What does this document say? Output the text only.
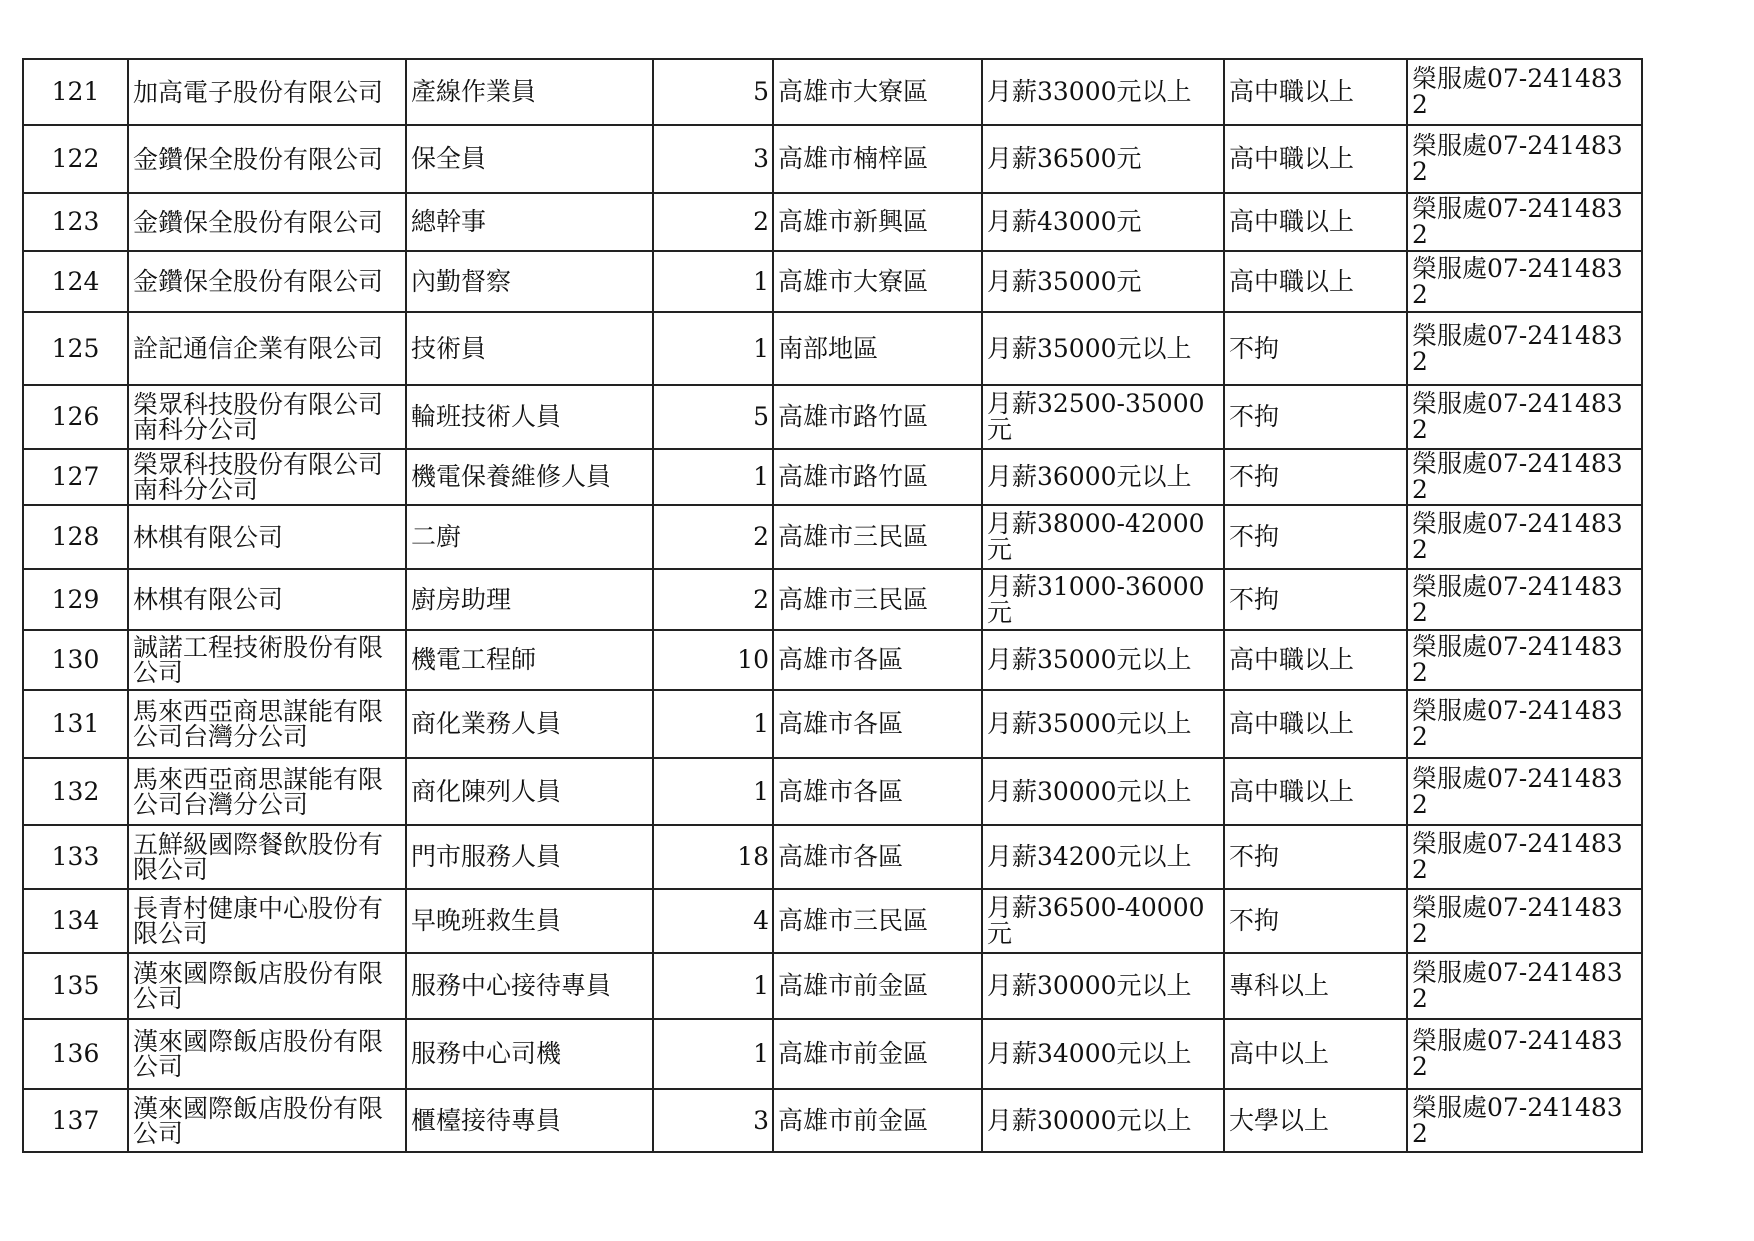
121	加高電子股份有限公司	產線作業員	5	高雄市大寮區	月薪33000元以上	高中職以上	榮服處07-2414832
122	金鑽保全股份有限公司	保全員	3	高雄市楠梓區	月薪36500元	高中職以上	榮服處07-2414832
123	金鑽保全股份有限公司	總幹事	2	高雄市新興區	月薪43000元	高中職以上	榮服處07-2414832
124	金鑽保全股份有限公司	內勤督察	1	高雄市大寮區	月薪35000元	高中職以上	榮服處07-2414832
125	詮記通信企業有限公司	技術員	1	南部地區	月薪35000元以上	不拘	榮服處07-2414832
126	榮眾科技股份有限公司南科分公司	輪班技術人員	5	高雄市路竹區	月薪32500-35000元	不拘	榮服處07-2414832
127	榮眾科技股份有限公司南科分公司	機電保養維修人員	1	高雄市路竹區	月薪36000元以上	不拘	榮服處07-2414832
128	林棋有限公司	二廚	2	高雄市三民區	月薪38000-42000元	不拘	榮服處07-2414832
129	林棋有限公司	廚房助理	2	高雄市三民區	月薪31000-36000元	不拘	榮服處07-2414832
130	誠諾工程技術股份有限公司	機電工程師	10	高雄市各區	月薪35000元以上	高中職以上	榮服處07-2414832
131	馬來西亞商思謀能有限公司台灣分公司	商化業務人員	1	高雄市各區	月薪35000元以上	高中職以上	榮服處07-2414832
132	馬來西亞商思謀能有限公司台灣分公司	商化陳列人員	1	高雄市各區	月薪30000元以上	高中職以上	榮服處07-2414832
133	五鮮級國際餐飲股份有限公司	門市服務人員	18	高雄市各區	月薪34200元以上	不拘	榮服處07-2414832
134	長青村健康中心股份有限公司	早晚班救生員	4	高雄市三民區	月薪36500-40000元	不拘	榮服處07-2414832
135	漢來國際飯店股份有限公司	服務中心接待專員	1	高雄市前金區	月薪30000元以上	專科以上	榮服處07-2414832
136	漢來國際飯店股份有限公司	服務中心司機	1	高雄市前金區	月薪34000元以上	高中以上	榮服處07-2414832
137	漢來國際飯店股份有限公司	櫃檯接待專員	3	高雄市前金區	月薪30000元以上	大學以上	榮服處07-2414832
